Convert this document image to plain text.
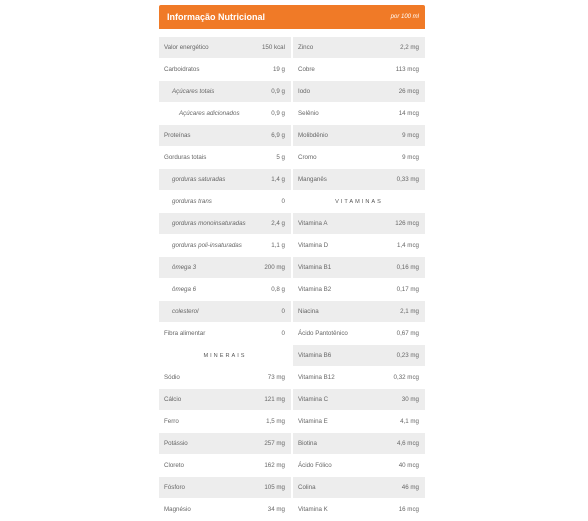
Informação Nutricional	por 100 ml
Valor energético	150 kcal
Carboidratos	19 g
Açúcares totais	0,9 g
Açúcares adicionados	0,9 g
Proteínas	6,9 g
Gorduras totais	5 g
gorduras saturadas	1,4 g
gorduras trans	0
gorduras monoinsaturadas	2,4 g
gorduras poli-insaturadas	1,1 g
ômega 3	200 mg
ômega 6	0,8 g
colesterol	0
Fibra alimentar	0
MINERAIS
Sódio	73 mg
Cálcio	121 mg
Ferro	1,5 mg
Potássio	257 mg
Cloreto	162 mg
Fósforo	105 mg
Magnésio	34 mg
Zinco	2,2 mg
Cobre	113 mcg
Iodo	26 mcg
Selênio	14 mcg
Molibdênio	9 mcg
Cromo	9 mcg
Manganês	0,33 mg
VITAMINAS
Vitamina A	126 mcg
Vitamina D	1,4 mcg
Vitamina B1	0,16 mg
Vitamina B2	0,17 mg
Niacina	2,1 mg
Ácido Pantotênico	0,67 mg
Vitamina B6	0,23 mg
Vitamina B12	0,32 mcg
Vitamina C	30 mg
Vitamina E	4,1 mg
Biotina	4,6 mcg
Ácido Fólico	40 mcg
Colina	46 mg
Vitamina K	16 mcg
